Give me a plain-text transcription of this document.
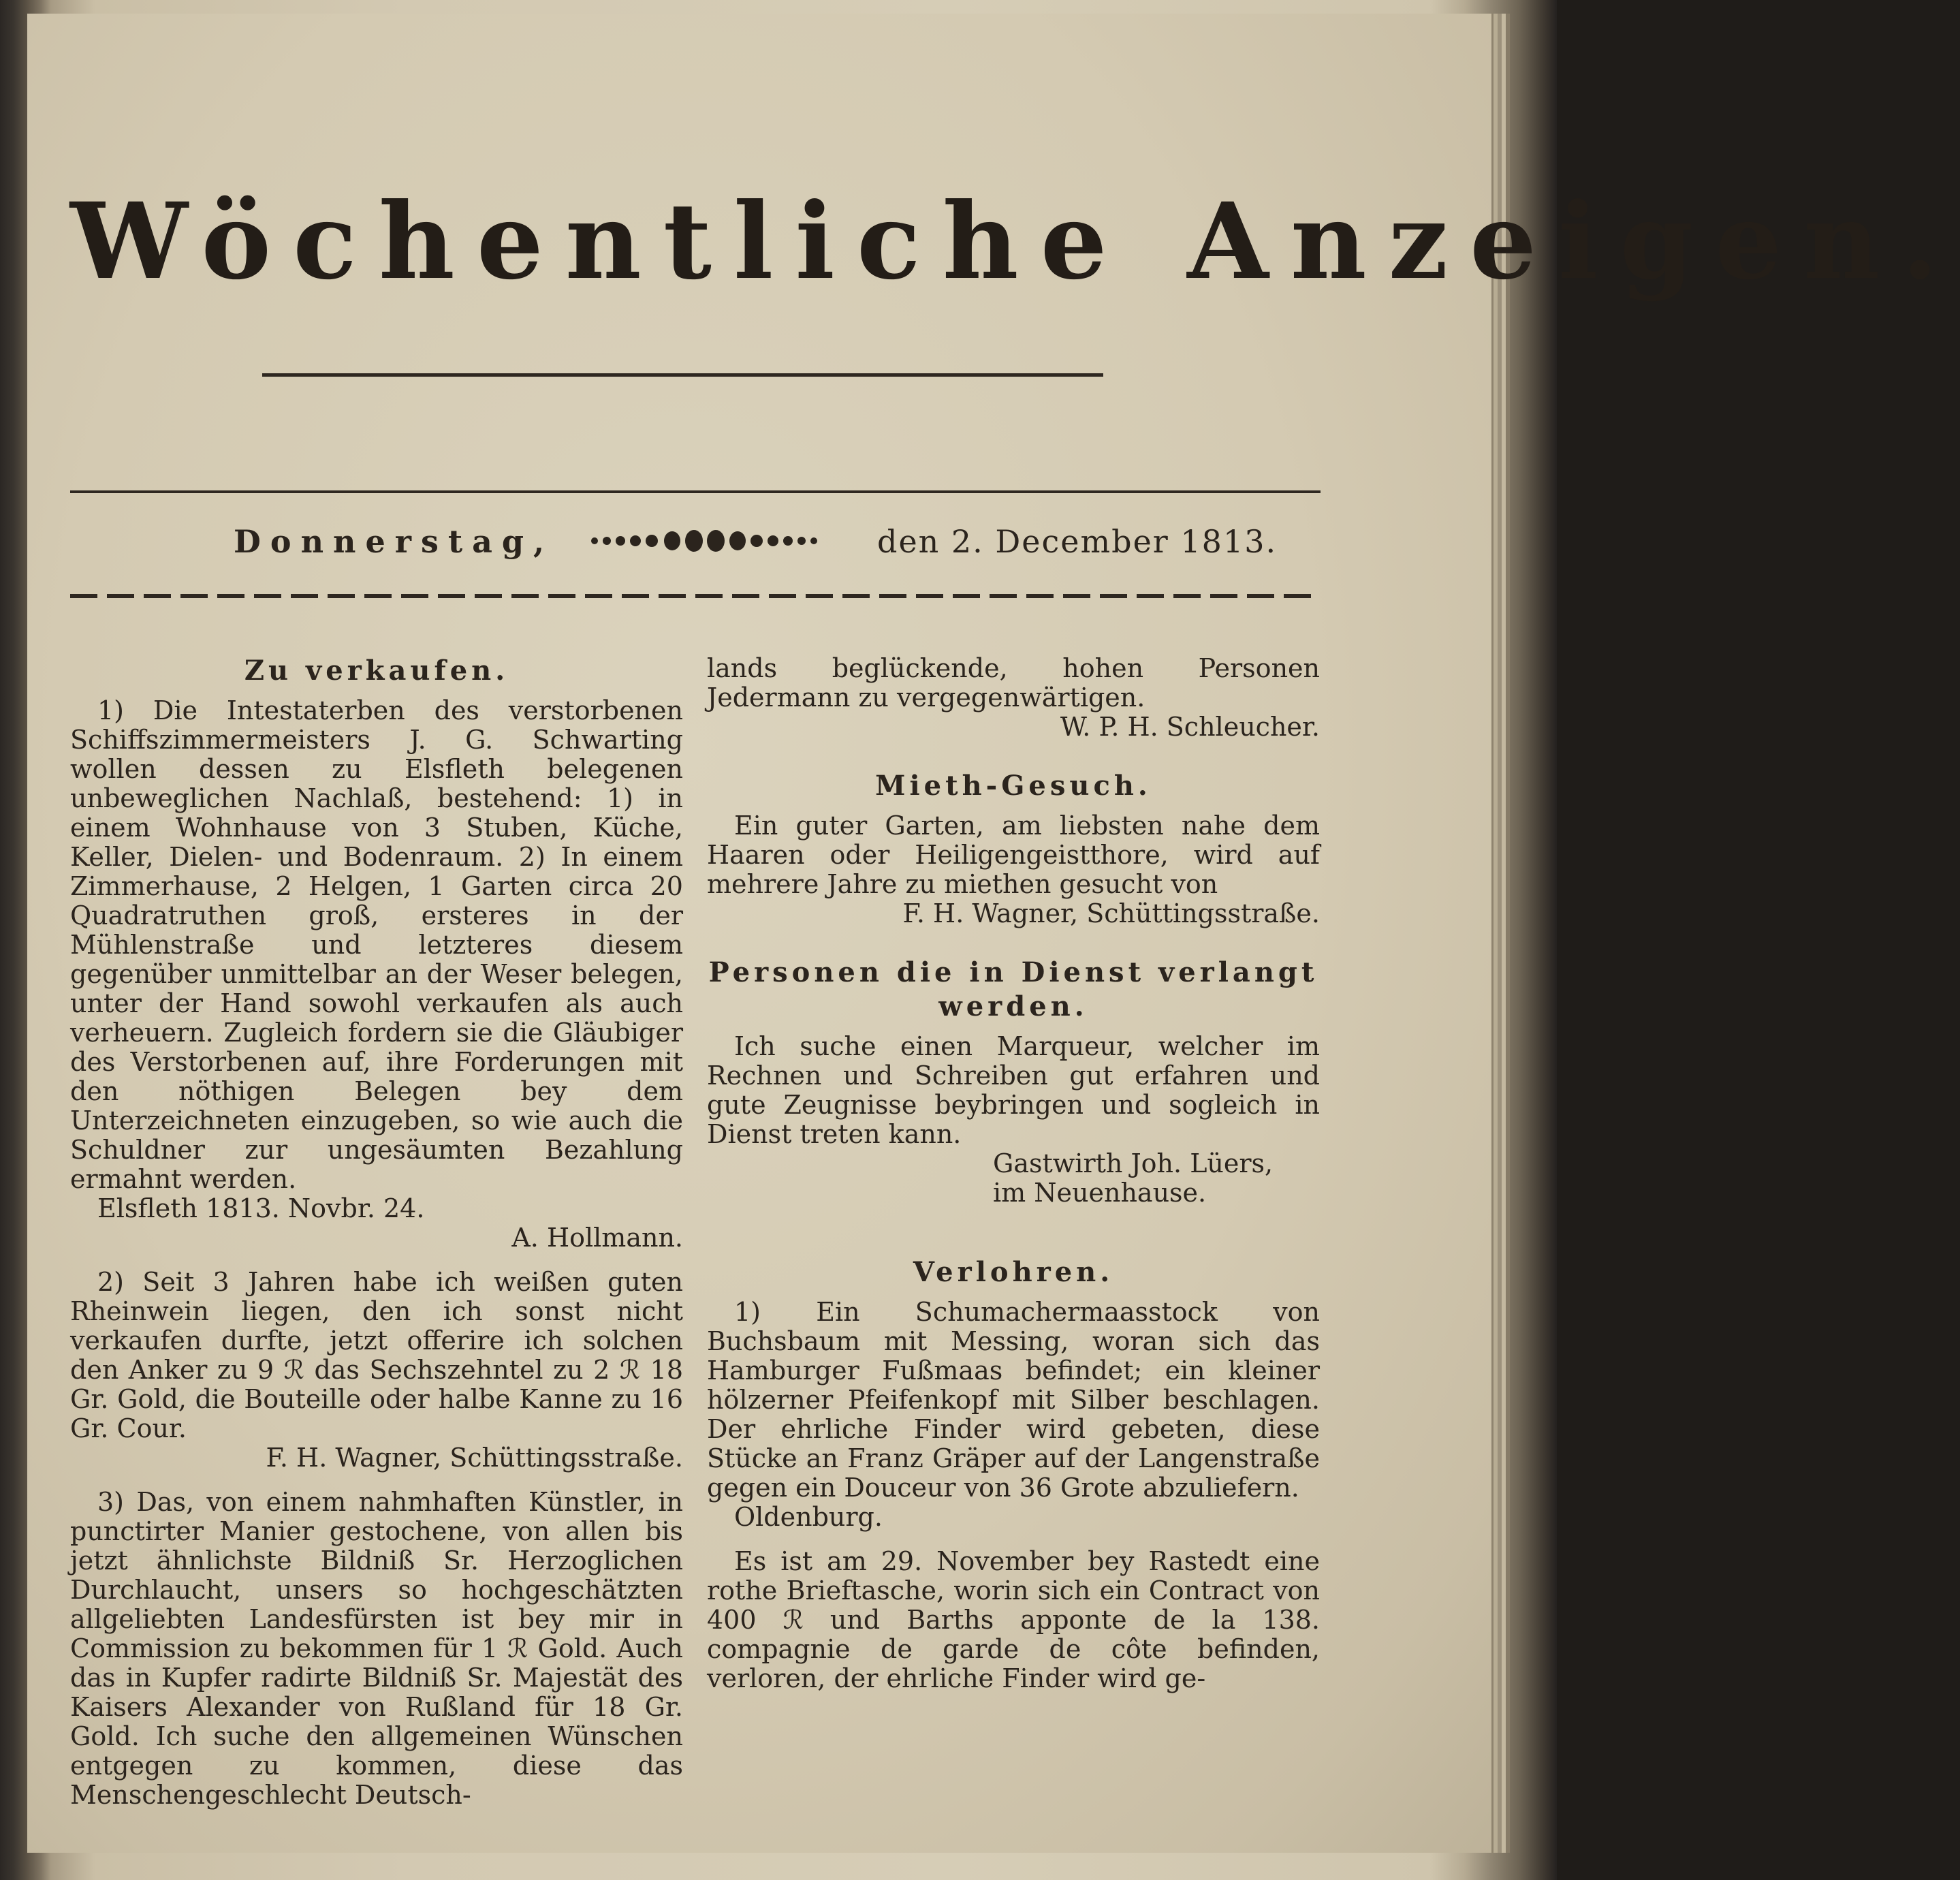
Wöchentliche Anzeigen.
Donnerstag,	den 2. December 1813.

Zu verkaufen.

1) Die Intestaterben des verstorbenen Schiffszimmermeisters J. G. Schwarting wollen dessen zu Elsfleth belegenen unbeweglichen Nachlaß, bestehend: 1) in einem Wohnhause von 3 Stuben, Küche, Keller, Dielen- und Bodenraum. 2) In einem Zimmerhause, 2 Helgen, 1 Garten circa 20 Quadratruthen groß, ersteres in der Mühlenstraße und letzteres diesem gegenüber unmittelbar an der Weser belegen, unter der Hand sowohl verkaufen als auch verheuern. Zugleich fordern sie die Gläubiger des Verstorbenen auf, ihre Forderungen mit den nöthigen Belegen bey dem Unterzeichneten einzugeben, so wie auch die Schuldner zur ungesäumten Bezahlung ermahnt werden.

Elsfleth 1813. Novbr. 24.

A. Hollmann.

2) Seit 3 Jahren habe ich weißen guten Rheinwein liegen, den ich sonst nicht verkaufen durfte, jetzt offerire ich solchen den Anker zu 9 ℛ das Sechszehntel zu 2 ℛ 18 Gr. Gold, die Bouteille oder halbe Kanne zu 16 Gr. Cour.

F. H. Wagner, Schüttingsstraße.

3) Das, von einem nahmhaften Künstler, in punctirter Manier gestochene, von allen bis jetzt ähnlichste Bildniß Sr. Herzoglichen Durchlaucht, unsers so hochgeschätzten allgeliebten Landesfürsten ist bey mir in Commission zu bekommen für 1 ℛ Gold. Auch das in Kupfer radirte Bildniß Sr. Majestät des Kaisers Alexander von Rußland für 18 Gr. Gold. Ich suche den allgemeinen Wünschen entgegen zu kommen, diese das Menschengeschlecht Deutsch-

lands beglückende, hohen Personen Jedermann zu vergegenwärtigen.

W. P. H. Schleucher.

Mieth-Gesuch.

Ein guter Garten, am liebsten nahe dem Haaren oder Heiligengeistthore, wird auf mehrere Jahre zu miethen gesucht von

F. H. Wagner, Schüttingsstraße.

Personen die in Dienst verlangt werden.

Ich suche einen Marqueur, welcher im Rechnen und Schreiben gut erfahren und gute Zeugnisse beybringen und sogleich in Dienst treten kann.

Gastwirth Joh. Lüers,

im Neuenhause.

Verlohren.

1) Ein Schumachermaasstock von Buchsbaum mit Messing, woran sich das Hamburger Fußmaas befindet; ein kleiner hölzerner Pfeifenkopf mit Silber beschlagen. Der ehrliche Finder wird gebeten, diese Stücke an Franz Gräper auf der Langenstraße gegen ein Douceur von 36 Grote abzuliefern.

Oldenburg.

Es ist am 29. November bey Rastedt eine rothe Brieftasche, worin sich ein Contract von 400 ℛ und Barths apponte de la 138. compagnie de garde de côte befinden, verloren, der ehrliche Finder wird ge-
